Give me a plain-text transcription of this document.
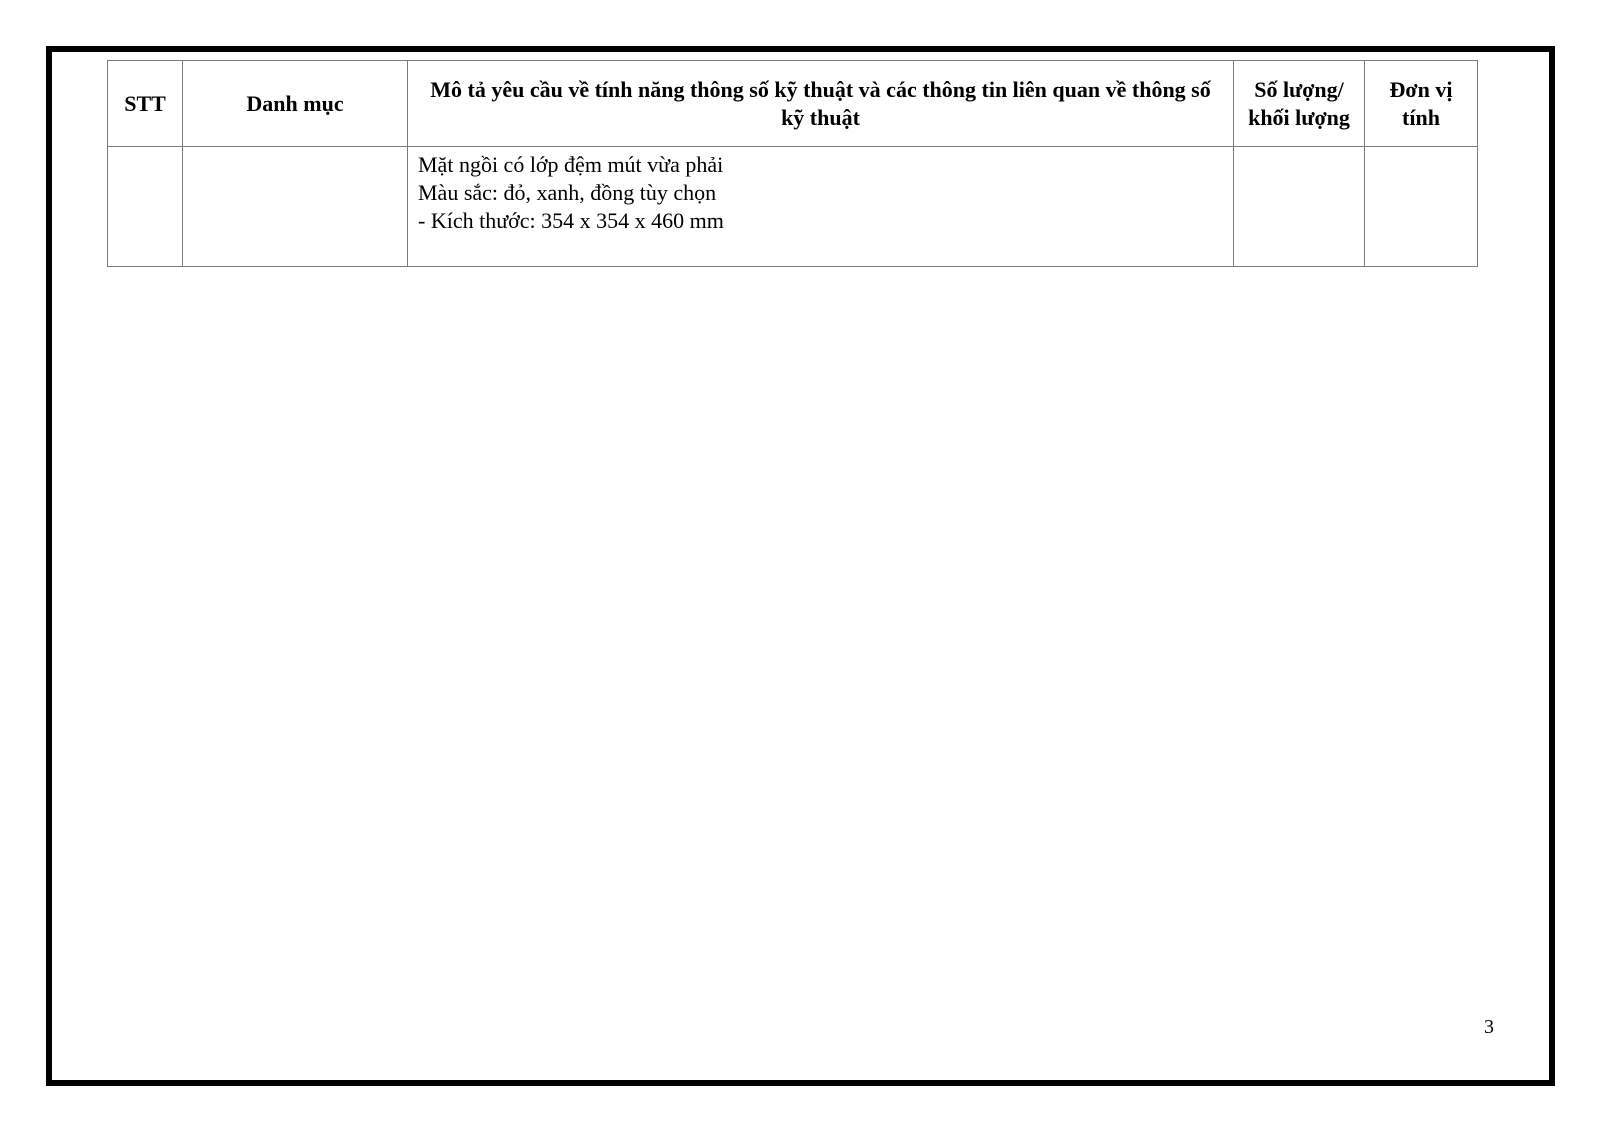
STT	Danh mục	Mô tả yêu cầu về tính năng thông số kỹ thuật và các thông tin liên quan về thông số kỹ thuật	Số lượng/ khối lượng	Đơn vị tính

		Mặt ngồi có lớp đệm mút vừa phải
Màu sắc: đỏ, xanh, đồng tùy chọn
- Kích thước: 354 x 354 x 460 mm		

3
